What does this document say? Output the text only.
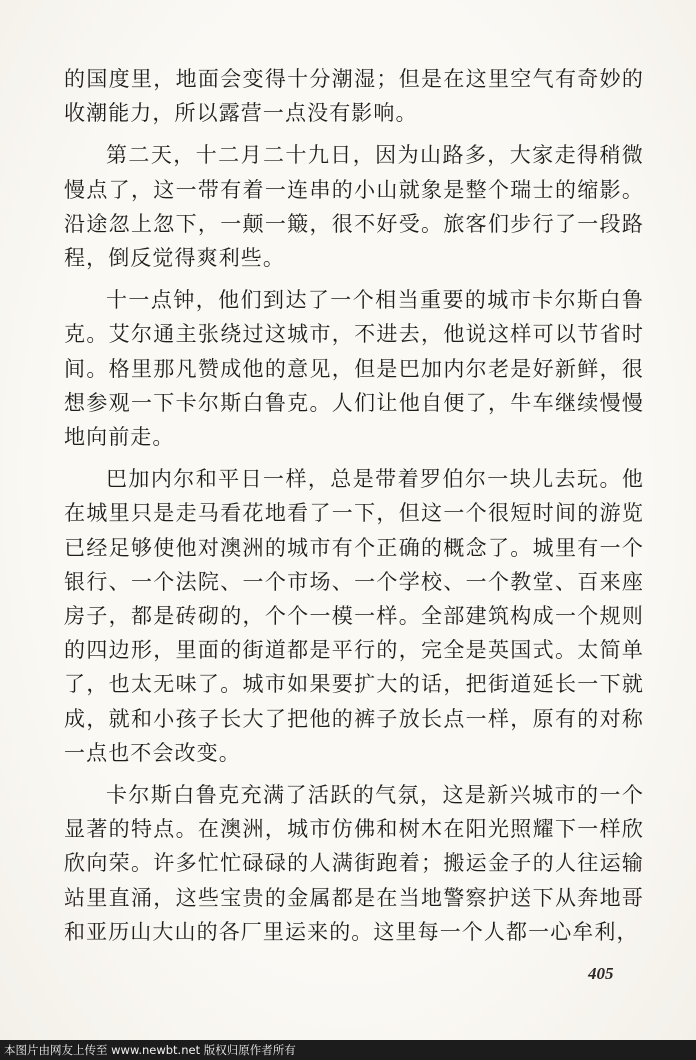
的国度里，地面会变得十分潮湿；但是在这里空气有奇妙的收潮能力，所以露营一点没有影响。

第二天，十二月二十九日，因为山路多，大家走得稍微慢点了，这一带有着一连串的小山就象是整个瑞士的缩影。沿途忽上忽下，一颠一簸，很不好受。旅客们步行了一段路程，倒反觉得爽利些。

十一点钟，他们到达了一个相当重要的城市卡尔斯白鲁克。艾尔通主张绕过这城市，不进去，他说这样可以节省时间。格里那凡赞成他的意见，但是巴加内尔老是好新鲜，很想参观一下卡尔斯白鲁克。人们让他自便了，牛车继续慢慢地向前走。

巴加内尔和平日一样，总是带着罗伯尔一块儿去玩。他在城里只是走马看花地看了一下，但这一个很短时间的游览已经足够使他对澳洲的城市有个正确的概念了。城里有一个银行、一个法院、一个市场、一个学校、一个教堂、百来座房子，都是砖砌的，个个一模一样。全部建筑构成一个规则的四边形，里面的街道都是平行的，完全是英国式。太简单了，也太无味了。城市如果要扩大的话，把街道延长一下就成，就和小孩子长大了把他的裤子放长点一样，原有的对称一点也不会改变。

卡尔斯白鲁克充满了活跃的气氛，这是新兴城市的一个显著的特点。在澳洲，城市仿佛和树木在阳光照耀下一样欣欣向荣。许多忙忙碌碌的人满街跑着；搬运金子的人往运输站里直涌，这些宝贵的金属都是在当地警察护送下从奔地哥和亚历山大山的各厂里运来的。这里每一个人都一心牟利，

405
本图片由网友上传至 www.newbt.net 版权归原作者所有
